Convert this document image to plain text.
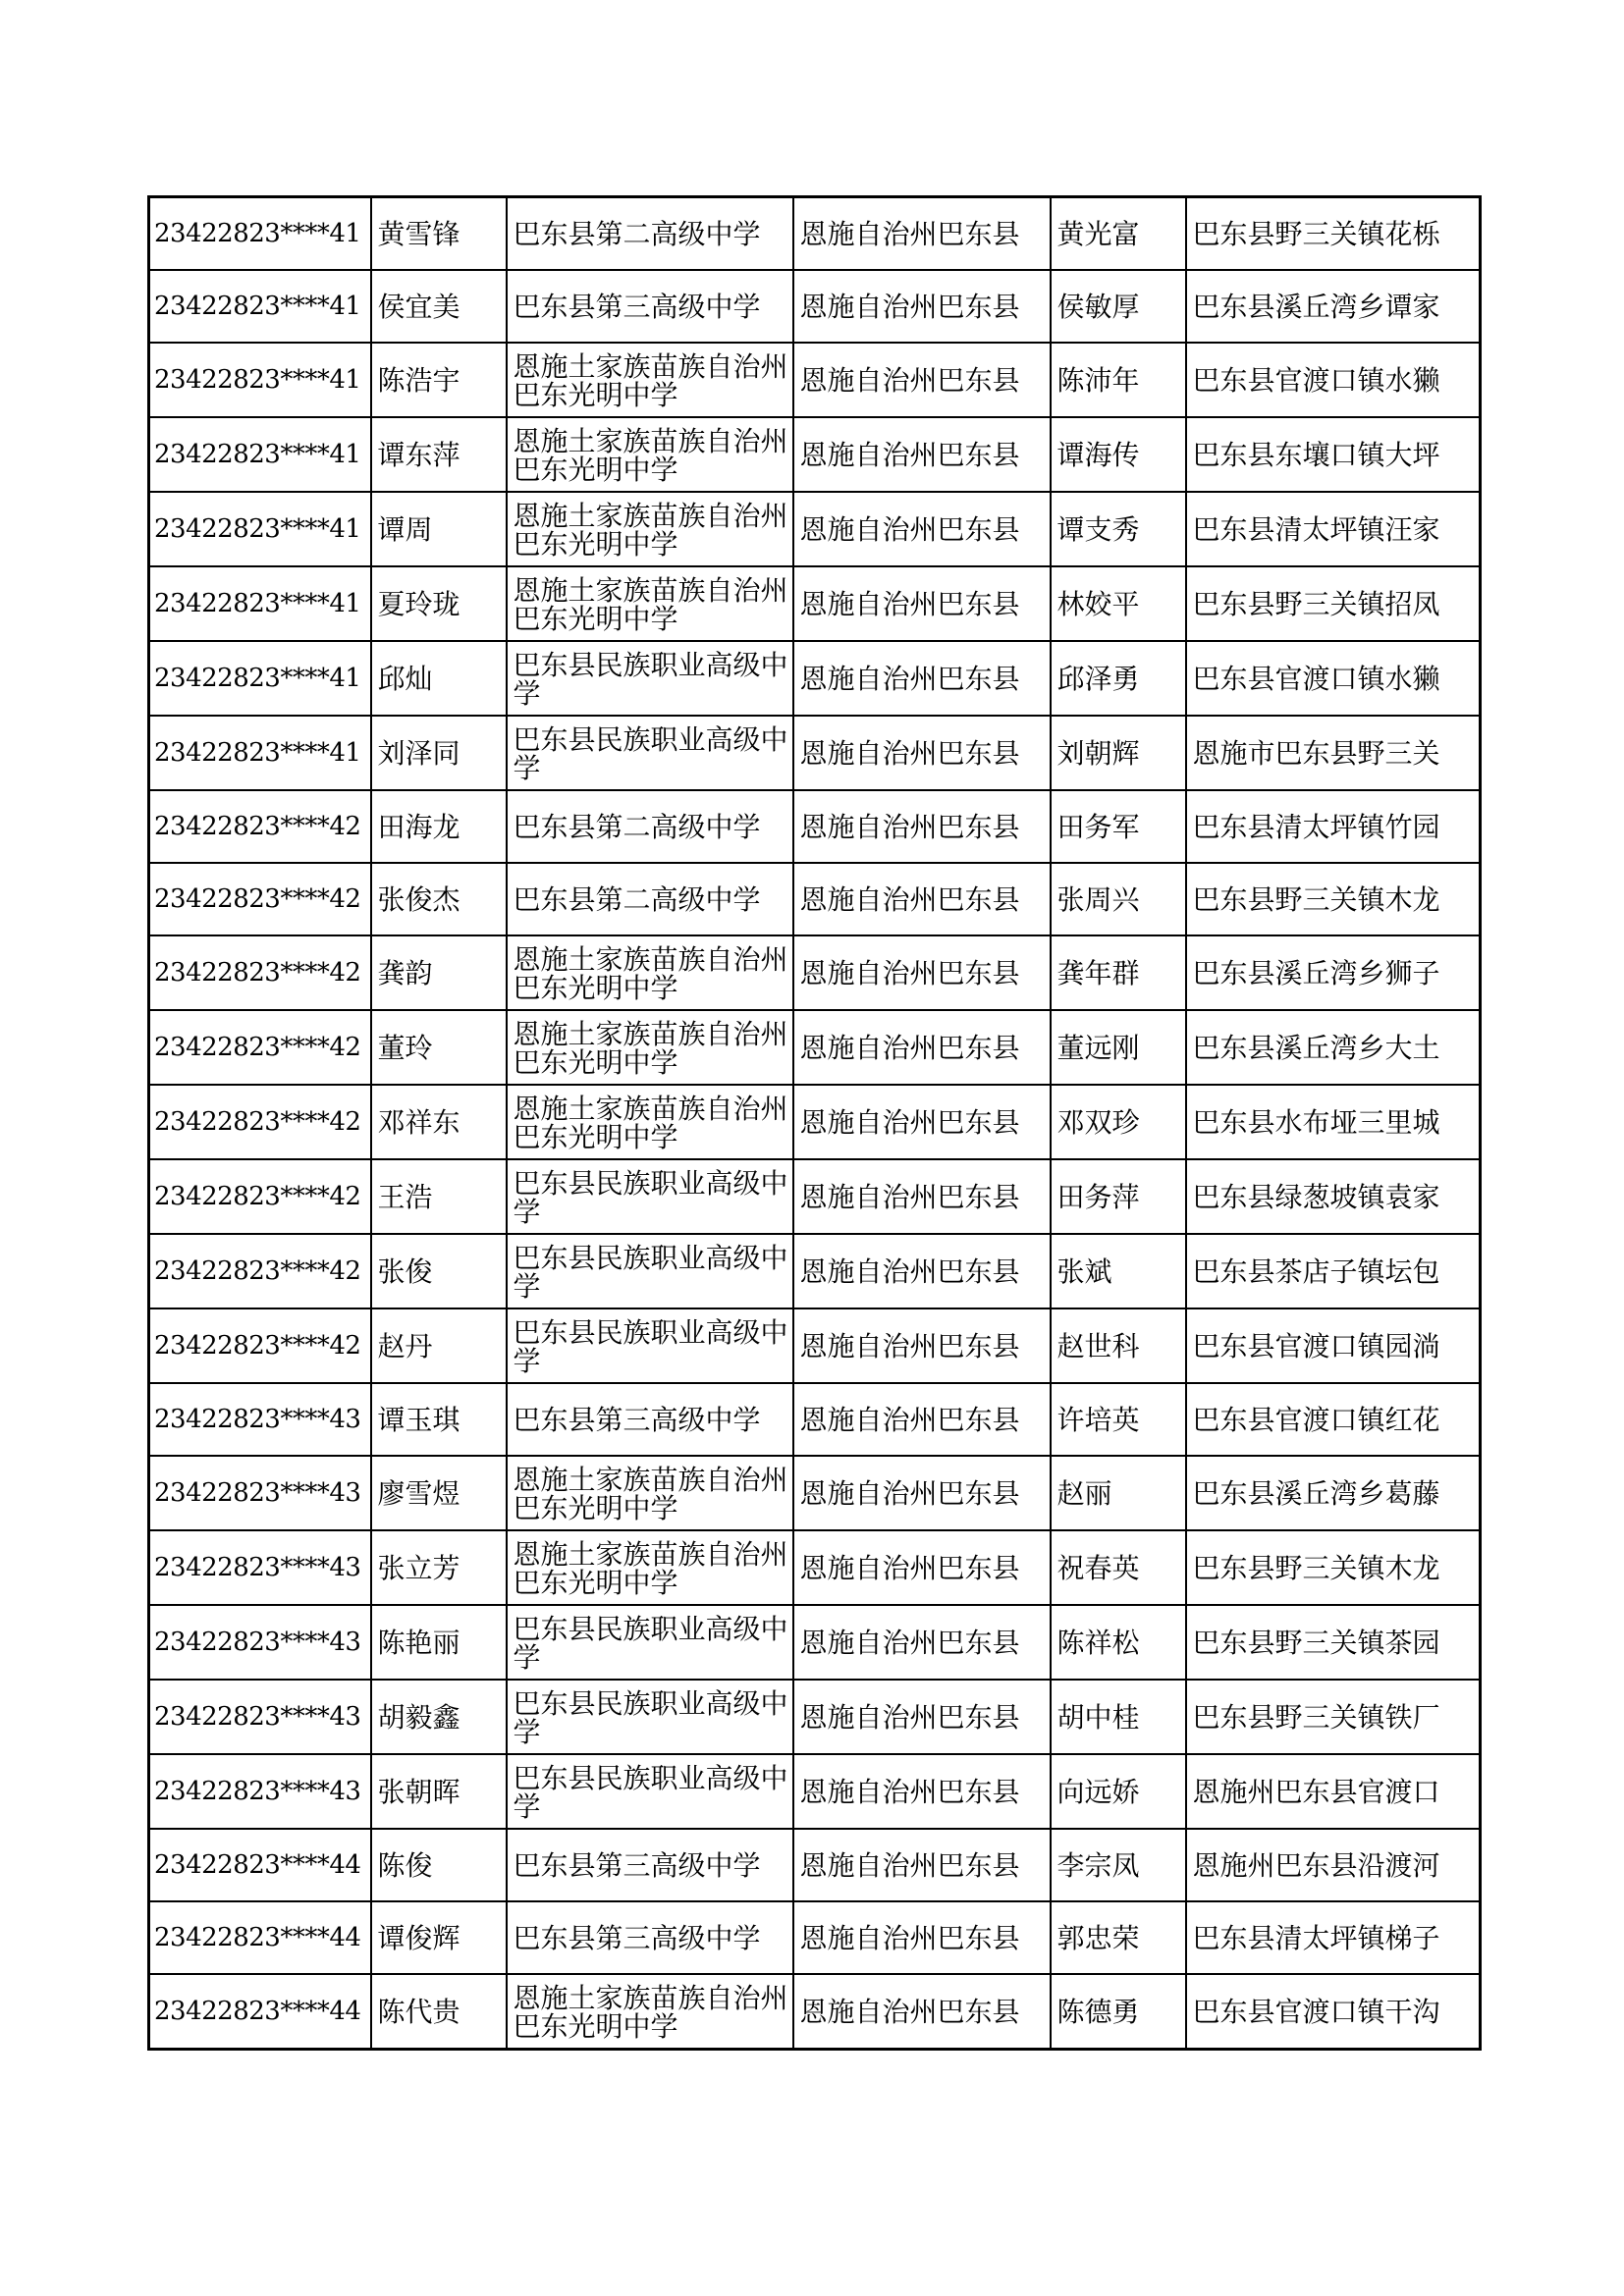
23422823****41	黄雪锋	巴东县第二高级中学	恩施自治州巴东县	黄光富	巴东县野三关镇花栎
23422823****41	侯宜美	巴东县第三高级中学	恩施自治州巴东县	侯敏厚	巴东县溪丘湾乡谭家
23422823****41	陈浩宇	恩施土家族苗族自治州巴东光明中学	恩施自治州巴东县	陈沛年	巴东县官渡口镇水獭
23422823****41	谭东萍	恩施土家族苗族自治州巴东光明中学	恩施自治州巴东县	谭海传	巴东县东壤口镇大坪
23422823****41	谭周	恩施土家族苗族自治州巴东光明中学	恩施自治州巴东县	谭支秀	巴东县清太坪镇汪家
23422823****41	夏玲珑	恩施土家族苗族自治州巴东光明中学	恩施自治州巴东县	林姣平	巴东县野三关镇招凤
23422823****41	邱灿	巴东县民族职业高级中学	恩施自治州巴东县	邱泽勇	巴东县官渡口镇水獭
23422823****41	刘泽同	巴东县民族职业高级中学	恩施自治州巴东县	刘朝辉	恩施市巴东县野三关
23422823****42	田海龙	巴东县第二高级中学	恩施自治州巴东县	田务军	巴东县清太坪镇竹园
23422823****42	张俊杰	巴东县第二高级中学	恩施自治州巴东县	张周兴	巴东县野三关镇木龙
23422823****42	龚韵	恩施土家族苗族自治州巴东光明中学	恩施自治州巴东县	龚年群	巴东县溪丘湾乡狮子
23422823****42	董玲	恩施土家族苗族自治州巴东光明中学	恩施自治州巴东县	董远刚	巴东县溪丘湾乡大土
23422823****42	邓祥东	恩施土家族苗族自治州巴东光明中学	恩施自治州巴东县	邓双珍	巴东县水布垭三里城
23422823****42	王浩	巴东县民族职业高级中学	恩施自治州巴东县	田务萍	巴东县绿葱坡镇袁家
23422823****42	张俊	巴东县民族职业高级中学	恩施自治州巴东县	张斌	巴东县茶店子镇坛包
23422823****42	赵丹	巴东县民族职业高级中学	恩施自治州巴东县	赵世科	巴东县官渡口镇园淌
23422823****43	谭玉琪	巴东县第三高级中学	恩施自治州巴东县	许培英	巴东县官渡口镇红花
23422823****43	廖雪煜	恩施土家族苗族自治州巴东光明中学	恩施自治州巴东县	赵丽	巴东县溪丘湾乡葛藤
23422823****43	张立芳	恩施土家族苗族自治州巴东光明中学	恩施自治州巴东县	祝春英	巴东县野三关镇木龙
23422823****43	陈艳丽	巴东县民族职业高级中学	恩施自治州巴东县	陈祥松	巴东县野三关镇茶园
23422823****43	胡毅鑫	巴东县民族职业高级中学	恩施自治州巴东县	胡中桂	巴东县野三关镇铁厂
23422823****43	张朝晖	巴东县民族职业高级中学	恩施自治州巴东县	向远娇	恩施州巴东县官渡口
23422823****44	陈俊	巴东县第三高级中学	恩施自治州巴东县	李宗凤	恩施州巴东县沿渡河
23422823****44	谭俊辉	巴东县第三高级中学	恩施自治州巴东县	郭忠荣	巴东县清太坪镇梯子
23422823****44	陈代贵	恩施土家族苗族自治州巴东光明中学	恩施自治州巴东县	陈德勇	巴东县官渡口镇干沟
